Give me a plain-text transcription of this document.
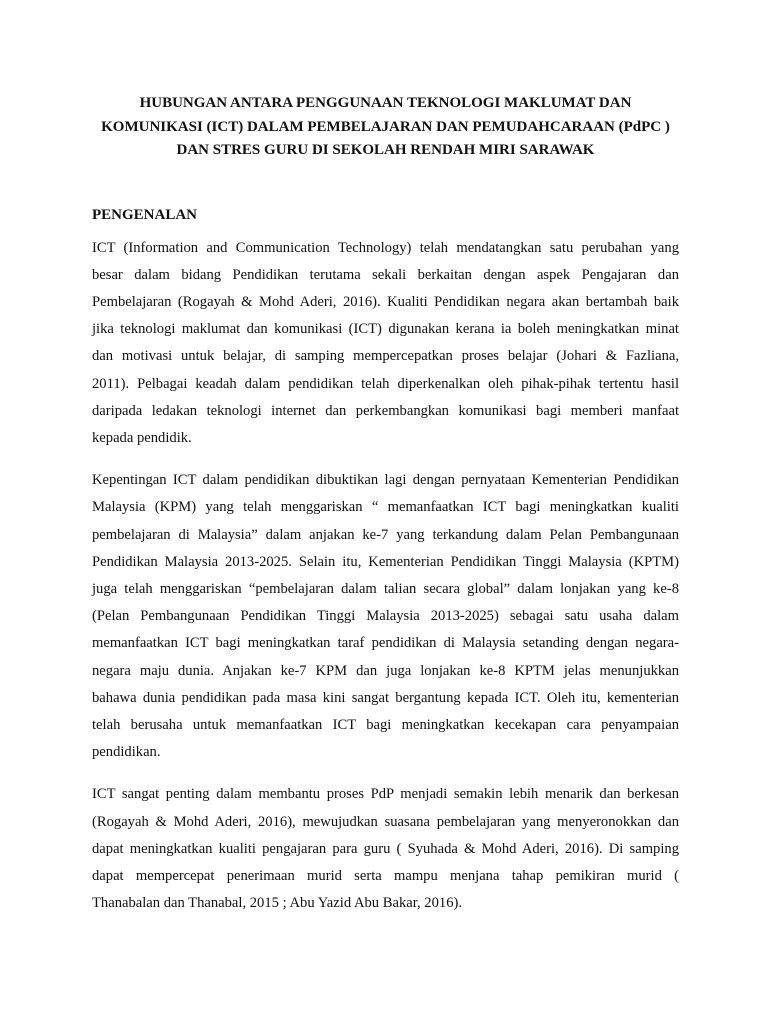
HUBUNGAN ANTARA PENGGUNAAN TEKNOLOGI MAKLUMAT DAN
KOMUNIKASI (ICT) DALAM PEMBELAJARAN DAN PEMUDAHCARAAN (PdPC )
DAN STRES GURU DI SEKOLAH RENDAH MIRI SARAWAK
PENGENALAN

ICT (Information and Communication Technology) telah mendatangkan satu perubahan yang
besar dalam bidang Pendidikan terutama sekali berkaitan dengan aspek Pengajaran dan
Pembelajaran (Rogayah & Mohd Aderi, 2016). Kualiti Pendidikan negara akan bertambah baik
jika teknologi maklumat dan komunikasi (ICT) digunakan kerana ia boleh meningkatkan minat
dan motivasi untuk belajar, di samping mempercepatkan proses belajar (Johari & Fazliana,
2011). Pelbagai keadah dalam pendidikan telah diperkenalkan oleh pihak-pihak tertentu hasil
daripada ledakan teknologi internet dan perkembangkan komunikasi bagi memberi manfaat
kepada pendidik.

Kepentingan ICT dalam pendidikan dibuktikan lagi dengan pernyataan Kementerian Pendidikan
Malaysia (KPM) yang telah menggariskan “ memanfaatkan ICT bagi meningkatkan kualiti
pembelajaran di Malaysia” dalam anjakan ke-7 yang terkandung dalam Pelan Pembangunaan
Pendidikan Malaysia 2013-2025. Selain itu, Kementerian Pendidikan Tinggi Malaysia (KPTM)
juga telah menggariskan “pembelajaran dalam talian secara global” dalam lonjakan yang ke-8
(Pelan Pembangunaan Pendidikan Tinggi Malaysia 2013-2025) sebagai satu usaha dalam
memanfaatkan ICT bagi meningkatkan taraf pendidikan di Malaysia setanding dengan negara-
negara maju dunia. Anjakan ke-7 KPM dan juga lonjakan ke-8 KPTM jelas menunjukkan
bahawa dunia pendidikan pada masa kini sangat bergantung kepada ICT. Oleh itu, kementerian
telah berusaha untuk memanfaatkan ICT bagi meningkatkan kecekapan cara penyampaian
pendidikan.

ICT sangat penting dalam membantu proses PdP menjadi semakin lebih menarik dan berkesan
(Rogayah & Mohd Aderi, 2016), mewujudkan suasana pembelajaran yang menyeronokkan dan
dapat meningkatkan kualiti pengajaran para guru ( Syuhada & Mohd Aderi, 2016). Di samping
dapat mempercepat penerimaan murid serta mampu menjana tahap pemikiran murid (
Thanabalan dan Thanabal, 2015 ; Abu Yazid Abu Bakar, 2016).
